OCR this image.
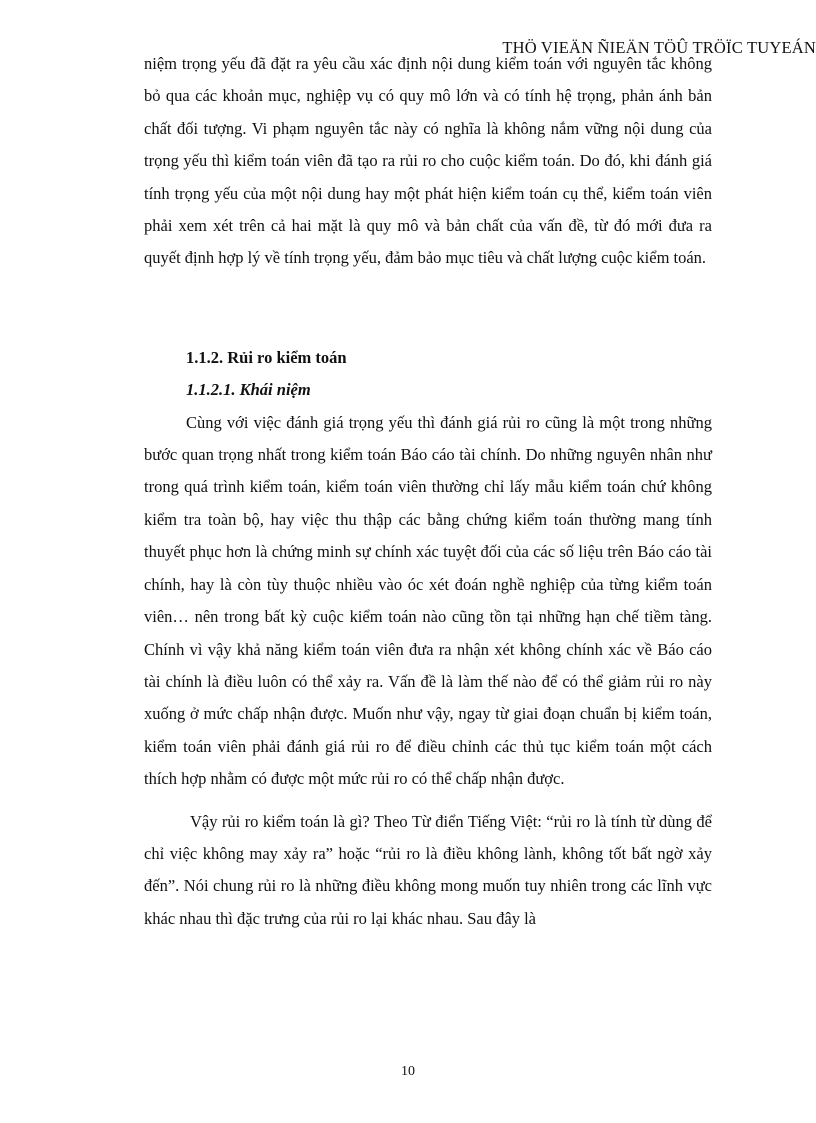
THÖ VIEÄN ÑIEÄN TÖÛ TRÖÏC TUYEÁN

niệm trọng yếu đã đặt ra yêu cầu xác định nội dung kiểm toán với nguyên tắc không bỏ qua các khoản mục, nghiệp vụ có quy mô lớn và có tính hệ trọng, phản ánh bản chất đối tượng. Vi phạm nguyên tắc này có nghĩa là không nắm vững nội dung của trọng yếu thì kiểm toán viên đã tạo ra rủi ro cho cuộc kiểm toán. Do đó, khi đánh giá tính trọng yếu của một nội dung hay một phát hiện kiểm toán cụ thể, kiểm toán viên phải xem xét trên cả hai mặt là quy mô và bản chất của vấn đề, từ đó mới đưa ra quyết định hợp lý về tính trọng yếu, đảm bảo mục tiêu và chất lượng cuộc kiểm toán.

1.1.2. Rủi ro kiểm toán

1.1.2.1. Khái niệm

Cùng với việc đánh giá trọng yếu thì đánh giá rủi ro cũng là một trong những bước quan trọng nhất trong kiểm toán Báo cáo tài chính. Do những nguyên nhân như trong quá trình kiểm toán, kiểm toán viên thường chỉ lấy mẫu kiểm toán chứ không kiểm tra toàn bộ, hay việc thu thập các bằng chứng kiểm toán thường mang tính thuyết phục hơn là chứng minh sự chính xác tuyệt đối của các số liệu trên Báo cáo tài chính, hay là còn tùy thuộc nhiều vào óc xét đoán nghề nghiệp của từng kiểm toán viên… nên trong bất kỳ cuộc kiểm toán nào cũng tồn tại những hạn chế tiềm tàng. Chính vì vậy khả năng kiểm toán viên đưa ra nhận xét không chính xác về Báo cáo tài chính là điều luôn có thể xảy ra. Vấn đề là làm thế nào để có thể giảm rủi ro này xuống ở mức chấp nhận được. Muốn như vậy, ngay từ giai đoạn chuẩn bị kiểm toán, kiểm toán viên phải đánh giá rủi ro để điều chỉnh các thủ tục kiểm toán một cách thích hợp nhằm có được một mức rủi ro có thể chấp nhận được.

Vậy rủi ro kiểm toán là gì? Theo Từ điển Tiếng Việt: “rủi ro là tính từ dùng để chỉ việc không may xảy ra” hoặc “rủi ro là điều không lành, không tốt bất ngờ xảy đến”. Nói chung rủi ro là những điều không mong muốn tuy nhiên trong các lĩnh vực khác nhau thì đặc trưng của rủi ro lại khác nhau. Sau đây là

10
